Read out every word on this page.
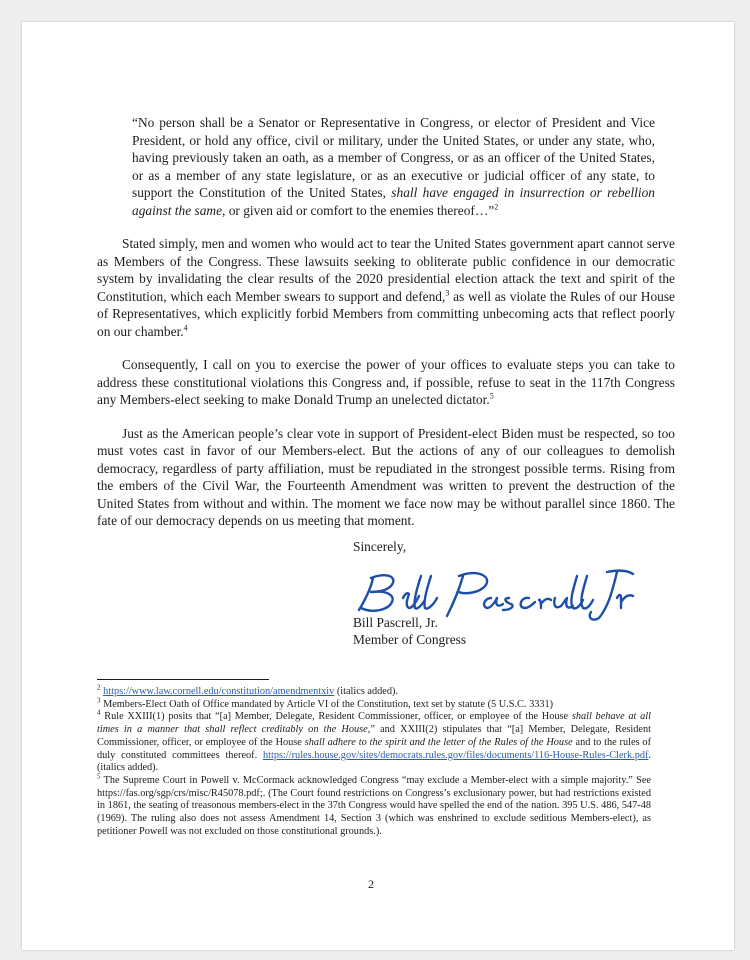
“No person shall be a Senator or Representative in Congress, or elector of President and Vice President, or hold any office, civil or military, under the United States, or under any state, who, having previously taken an oath, as a member of Congress, or as an officer of the United States, or as a member of any state legislature, or as an executive or judicial officer of any state, to support the Constitution of the United States, shall have engaged in insurrection or rebellion against the same, or given aid or comfort to the enemies thereof…”$^2$

Stated simply, men and women who would act to tear the United States government apart cannot serve as Members of the Congress. These lawsuits seeking to obliterate public confidence in our democratic system by invalidating the clear results of the 2020 presidential election attack the text and spirit of the Constitution, which each Member swears to support and defend,$^3$ as well as violate the Rules of our House of Representatives, which explicitly forbid Members from committing unbecoming acts that reflect poorly on our chamber.$^4$

Consequently, I call on you to exercise the power of your offices to evaluate steps you can take to address these constitutional violations this Congress and, if possible, refuse to seat in the 117th Congress any Members-elect seeking to make Donald Trump an unelected dictator.$^5$

Just as the American people’s clear vote in support of President-elect Biden must be respected, so too must votes cast in favor of our Members-elect. But the actions of any of our colleagues to demolish democracy, regardless of party affiliation, must be repudiated in the strongest possible terms. Rising from the embers of the Civil War, the Fourteenth Amendment was written to prevent the destruction of the United States from without and within. The moment we face now may be without parallel since 1860. The fate of our democracy depends on us meeting that moment.

Sincerely,
Bill Pascrell, Jr.
Member of Congress

$^2$ https://www.law.cornell.edu/constitution/amendmentxiv (italics added).

$^3$ Members-Elect Oath of Office mandated by Article VI of the Constitution, text set by statute (5 U.S.C. 3331)

$^4$ Rule XXIII(1) posits that “[a] Member, Delegate, Resident Commissioner, officer, or employee of the House shall behave at all times in a manner that shall reflect creditably on the House,” and XXIII(2) stipulates that “[a] Member, Delegate, Resident Commissioner, officer, or employee of the House shall adhere to the spirit and the letter of the Rules of the House and to the rules of duly constituted committees thereof. https://rules.house.gov/sites/democrats.rules.gov/files/documents/116-House-Rules-Clerk.pdf. (italics added).

$^5$ The Supreme Court in Powell v. McCormack acknowledged Congress “may exclude a Member-elect with a simple majority.” See https://fas.org/sgp/crs/misc/R45078.pdf;. (The Court found restrictions on Congress’s exclusionary power, but had restrictions existed in 1861, the seating of treasonous members-elect in the 37th Congress would have spelled the end of the nation. 395 U.S. 486, 547-48 (1969). The ruling also does not assess Amendment 14, Section 3 (which was enshrined to exclude seditious Members-elect), as petitioner Powell was not excluded on those constitutional grounds.).

2
